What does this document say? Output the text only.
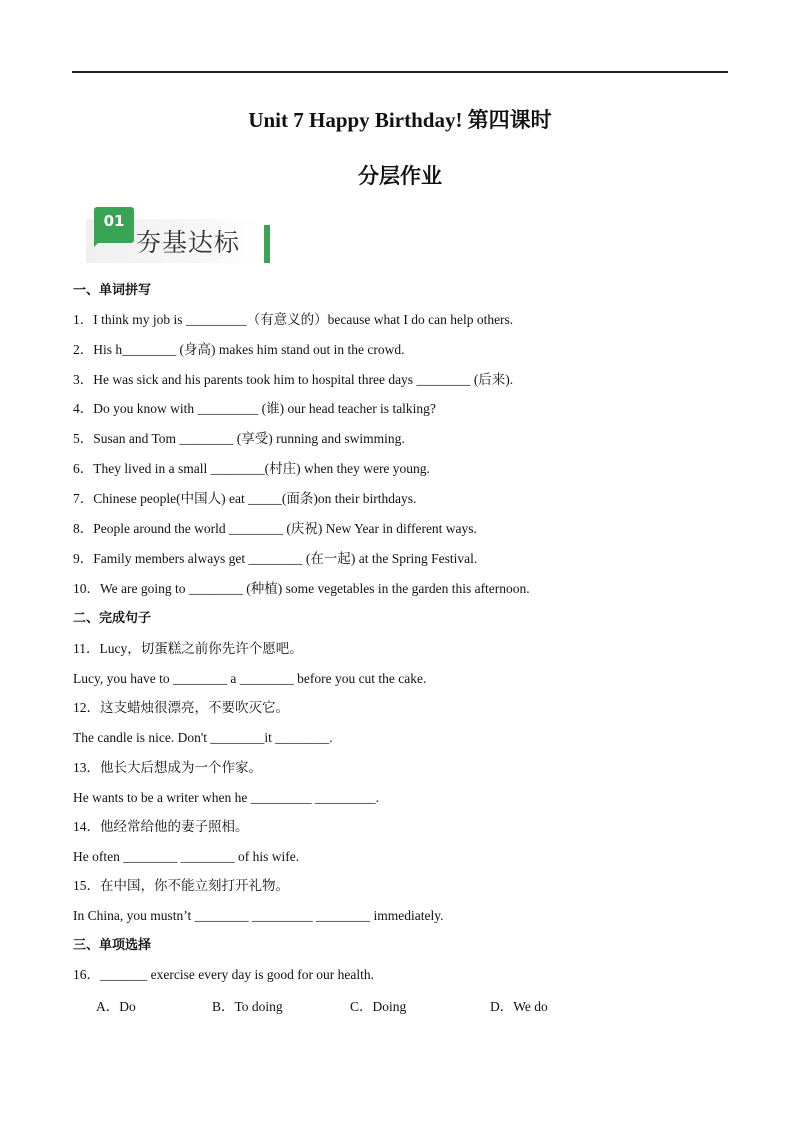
Unit 7 Happy Birthday! 第四课时
分层作业
01
夯基达标
一、单词拼写
1．I think my job is _________（有意义的）because what I do can help others.
2．His h________ (身高) makes him stand out in the crowd.
3．He was sick and his parents took him to hospital three days ________ (后来).
4．Do you know with _________ (谁) our head teacher is talking?
5．Susan and Tom ________ (享受) running and swimming.
6．They lived in a small ________(村庄) when they were young.
7．Chinese people(中国人) eat _____(面条)on their birthdays.
8．People around the world ________ (庆祝) New Year in different ways.
9．Family members always get ________ (在一起) at the Spring Festival.
10．We are going to ________ (种植) some vegetables in the garden this afternoon.
二、完成句子
11．Lucy，切蛋糕之前你先许个愿吧。
Lucy, you have to ________ a ________ before you cut the cake.
12．这支蜡烛很漂亮，不要吹灭它。
The candle is nice. Don't ________it ________.
13．他长大后想成为一个作家。
He wants to be a writer when he _________ _________.
14．他经常给他的妻子照相。
He often ________ ________ of his wife.
15．在中国，你不能立刻打开礼物。
In China, you mustn’t ________ _________ ________ immediately.
三、单项选择
16．_______ exercise every day is good for our health.
A．Do	B．To doing	C．Doing	D．We do
